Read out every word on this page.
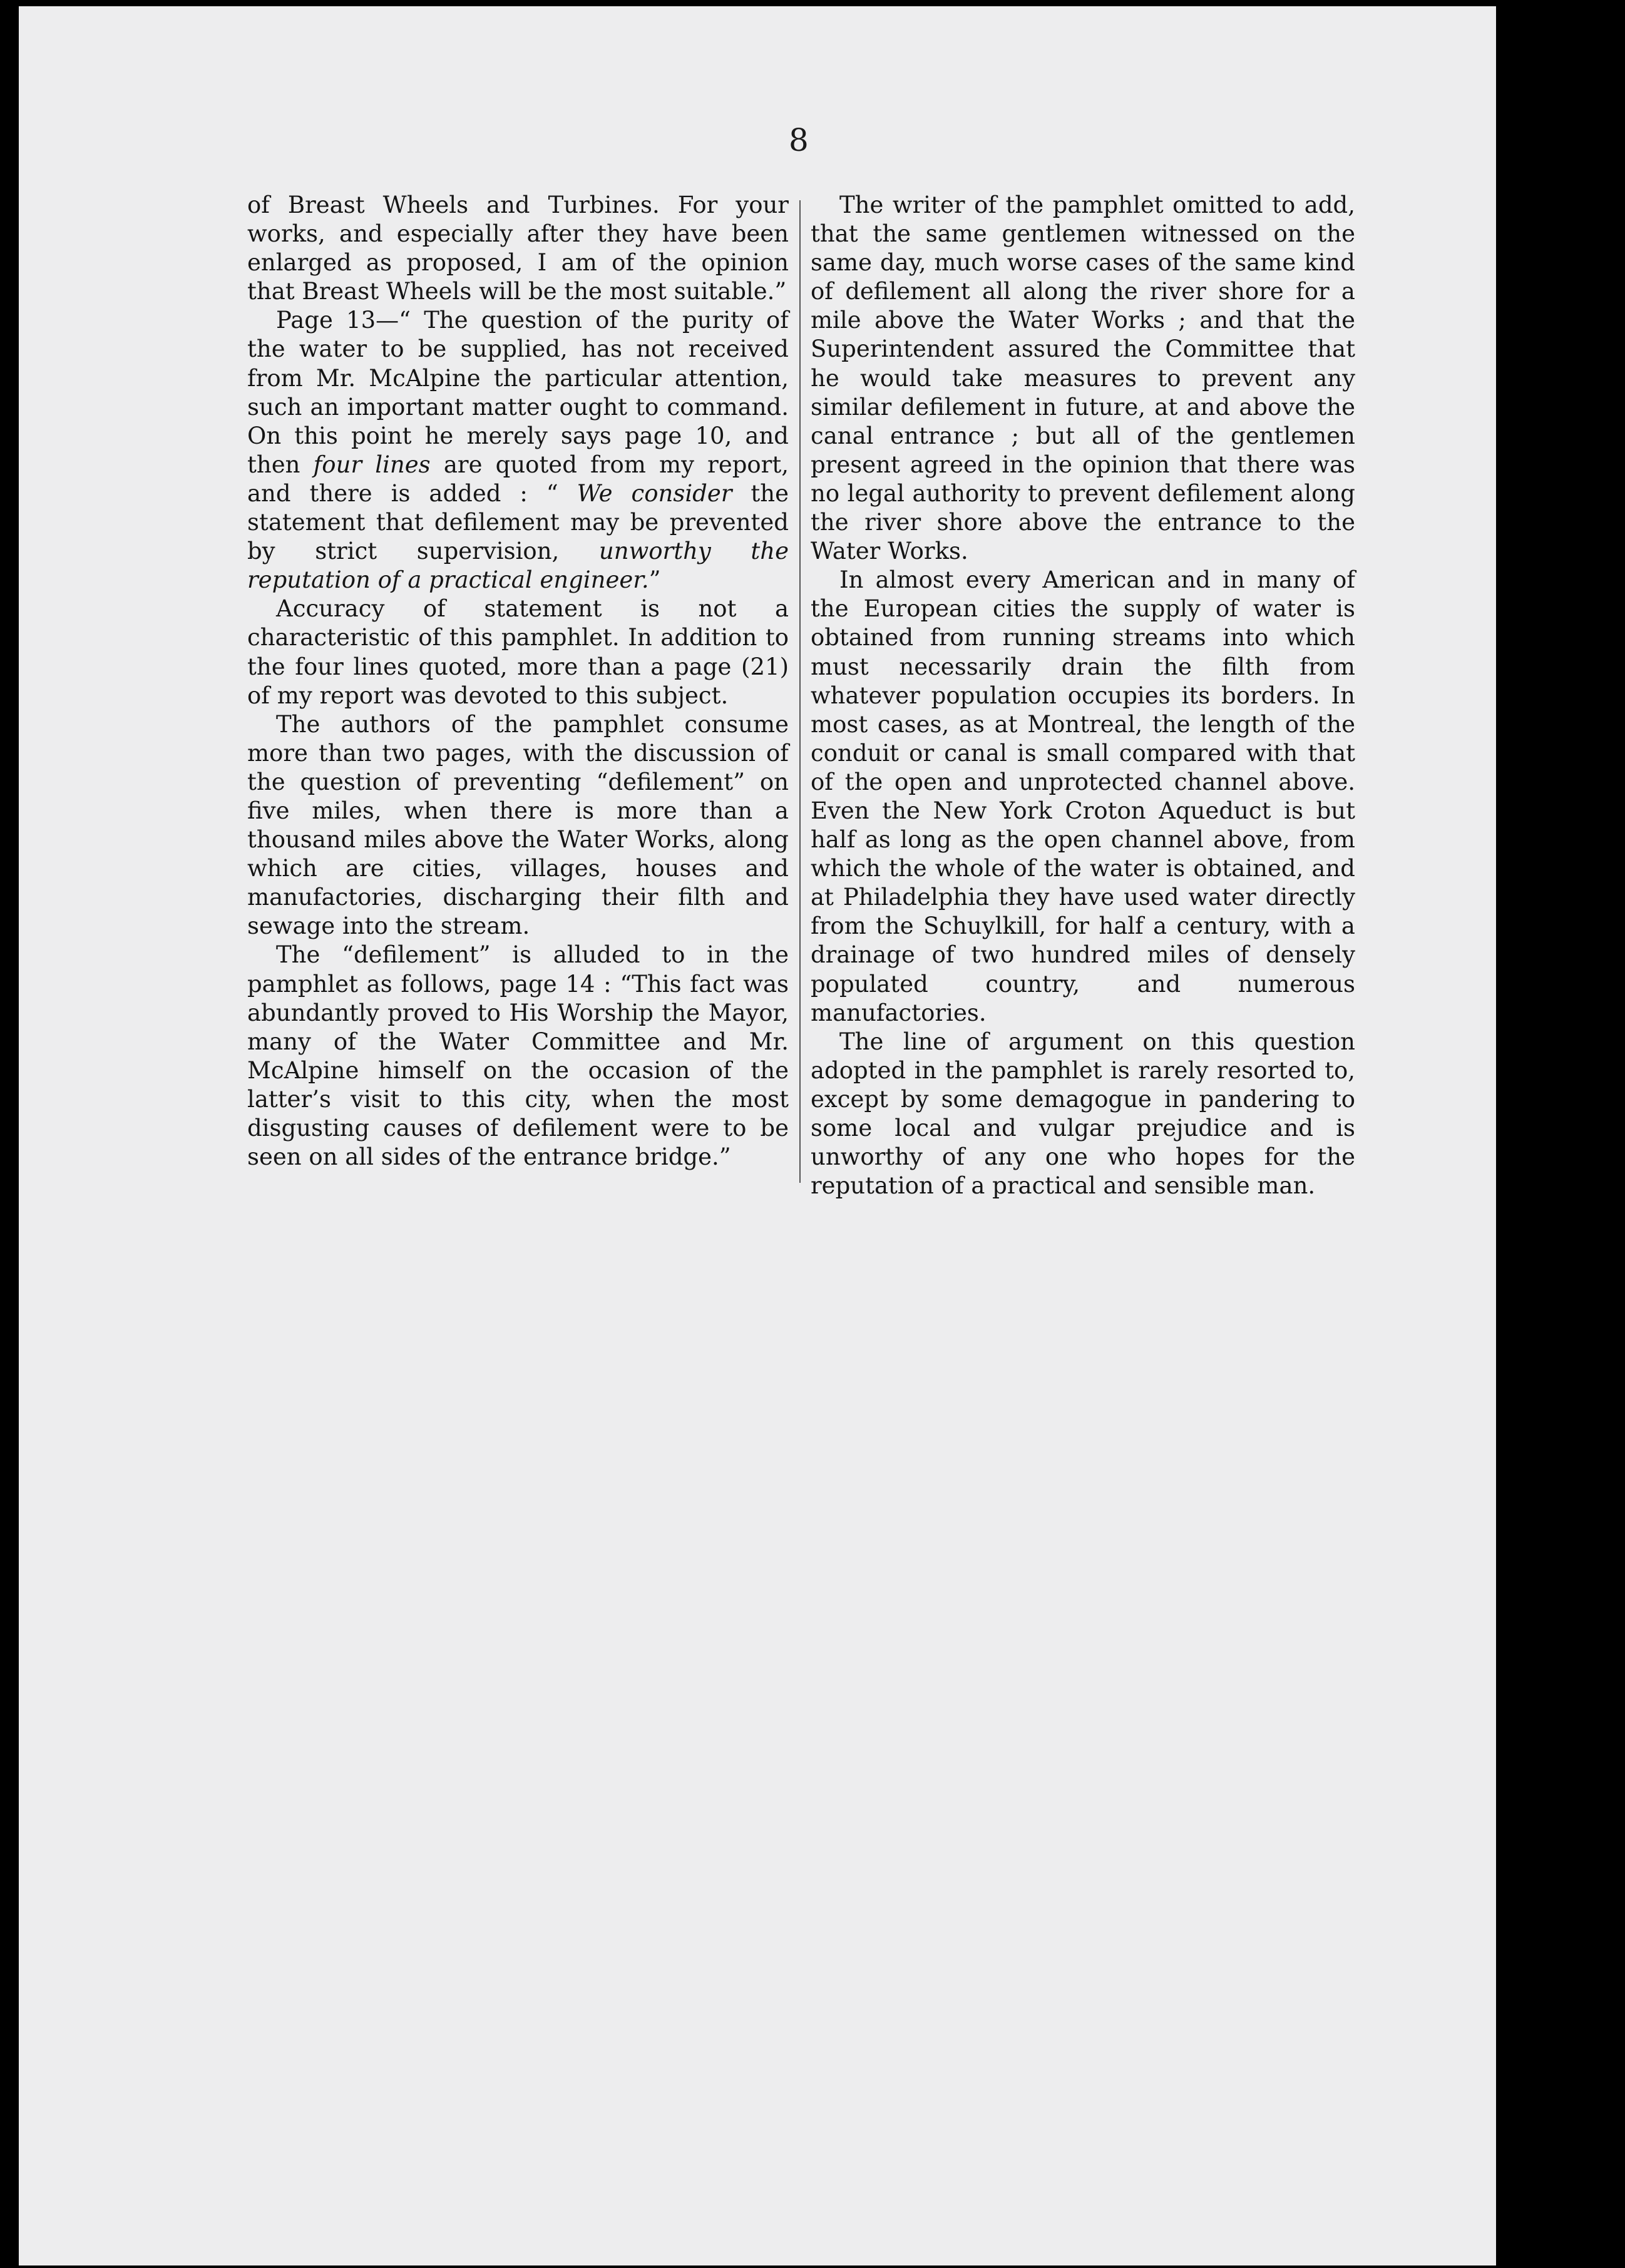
8

of Breast Wheels and Turbines. For your works, and especially after they have been enlarged as proposed, I am of the opinion that Breast Wheels will be the most suitable.”

Page 13—“ The question of the purity of the water to be supplied, has not received from Mr. McAlpine the particular attention, such an important matter ought to command. On this point he merely says page 10, and then four lines are quoted from my report, and there is added : “ We consider the statement that defilement may be prevented by strict supervision, unworthy the reputation of a practical engineer.”

Accuracy of statement is not a characteristic of this pamphlet. In addition to the four lines quoted, more than a page (21) of my report was devoted to this subject.

The authors of the pamphlet consume more than two pages, with the discussion of the question of preventing “defilement” on five miles, when there is more than a thousand miles above the Water Works, along which are cities, villages, houses and manufactories, discharging their filth and sewage into the stream.

The “defilement” is alluded to in the pamphlet as follows, page 14 : “This fact was abundantly proved to His Worship the Mayor, many of the Water Committee and Mr. McAlpine himself on the occasion of the latter’s visit to this city, when the most disgusting causes of defilement were to be seen on all sides of the entrance bridge.”

The writer of the pamphlet omitted to add, that the same gentlemen witnessed on the same day, much worse cases of the same kind of defilement all along the river shore for a mile above the Water Works ; and that the Superintendent assured the Committee that he would take measures to prevent any similar defilement in future, at and above the canal entrance ; but all of the gentlemen present agreed in the opinion that there was no legal authority to prevent defilement along the river shore above the entrance to the Water Works.

In almost every American and in many of the European cities the supply of water is obtained from running streams into which must necessarily drain the filth from whatever population occupies its borders. In most cases, as at Montreal, the length of the conduit or canal is small compared with that of the open and unprotected channel above. Even the New York Croton Aqueduct is but half as long as the open channel above, from which the whole of the water is obtained, and at Philadelphia they have used water directly from the Schuylkill, for half a century, with a drainage of two hundred miles of densely populated country, and numerous manufactories.

The line of argument on this question adopted in the pamphlet is rarely resorted to, except by some demagogue in pandering to some local and vulgar prejudice and is unworthy of any one who hopes for the reputation of a practical and sensible man.
